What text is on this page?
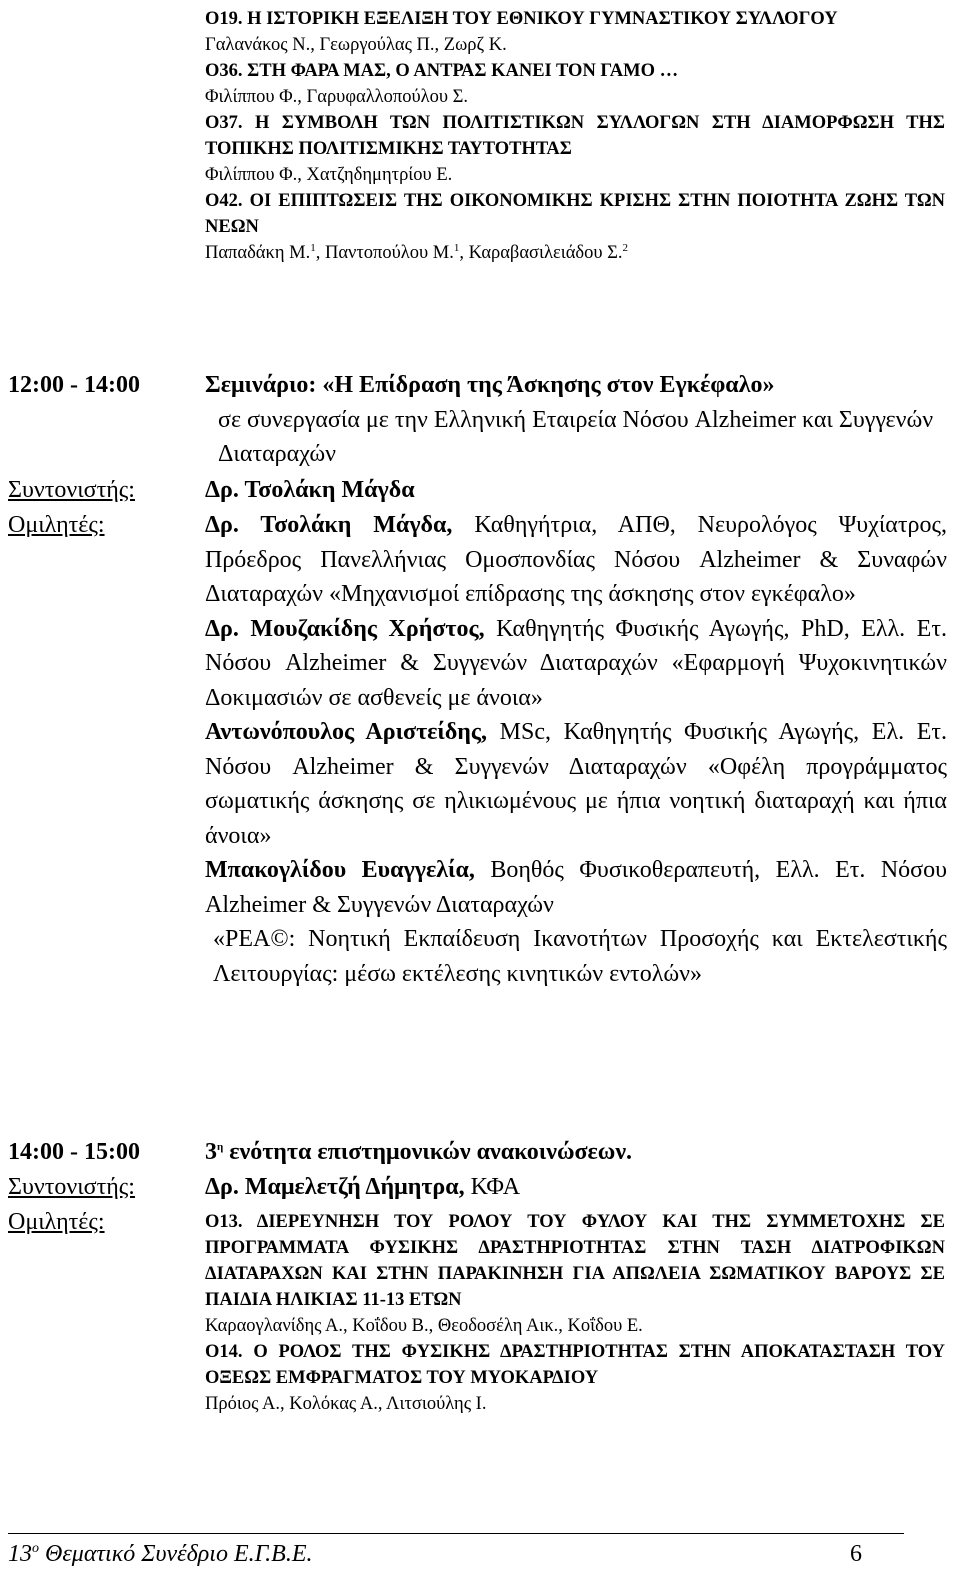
Ο19. Η ΙΣΤΟΡΙΚΗ ΕΞΕΛΙΞΗ ΤΟΥ ΕΘΝΙΚΟΥ ΓΥΜΝΑΣΤΙΚΟΥ ΣΥΛΛΟΓΟΥ
Γαλανάκος Ν., Γεωργούλας Π., Ζωρζ Κ.
Ο36. ΣΤΗ ΦΑΡΑ ΜΑΣ, Ο ΑΝΤΡΑΣ ΚΑΝΕΙ ΤΟΝ ΓΑΜΟ …
Φιλίππου Φ., Γαρυφαλλοπούλου Σ.
Ο37. Η ΣΥΜΒΟΛΗ ΤΩΝ ΠΟΛΙΤΙΣΤΙΚΩΝ ΣΥΛΛΟΓΩΝ ΣΤΗ ΔΙΑΜΟΡΦΩΣΗ ΤΗΣ ΤΟΠΙΚΗΣ ΠΟΛΙΤΙΣΜΙΚΗΣ ΤΑΥΤΟΤΗΤΑΣ
Φιλίππου Φ., Χατζηδημητρίου Ε.
Ο42. ΟΙ ΕΠΙΠΤΩΣΕΙΣ ΤΗΣ ΟΙΚΟΝΟΜΙΚΗΣ ΚΡΙΣΗΣ ΣΤΗΝ ΠΟΙΟΤΗΤΑ ΖΩΗΣ ΤΩΝ ΝΕΩΝ
Παπαδάκη Μ.$^1$, Παντοπούλου Μ.$^1$, Καραβασιλειάδου Σ.$^2$
12:00 - 14:00	Σεμινάριο: «Η Επίδραση της Άσκησης στον Εγκέφαλο»
σε συνεργασία με την Ελληνική Εταιρεία Νόσου Alzheimer και Συγγενών Διαταραχών
Συντονιστής:	Δρ. Τσολάκη Μάγδα
Ομιλητές:	Δρ. Τσολάκη Μάγδα, Καθηγήτρια, ΑΠΘ, Νευρολόγος Ψυχίατρος, Πρόεδρος Πανελλήνιας Ομοσπονδίας Νόσου Alzheimer & Συναφών Διαταραχών «Μηχανισμοί επίδρασης της άσκησης στον εγκέφαλο»
Δρ. Μουζακίδης Χρήστος, Καθηγητής Φυσικής Αγωγής, PhD, Ελλ. Ετ. Νόσου Alzheimer & Συγγενών Διαταραχών «Εφαρμογή Ψυχοκινητικών Δοκιμασιών σε ασθενείς με άνοια»
Αντωνόπουλος Αριστείδης, MSc, Καθηγητής Φυσικής Αγωγής, Ελ. Ετ. Νόσου Alzheimer & Συγγενών Διαταραχών «Οφέλη προγράμματος σωματικής άσκησης σε ηλικιωμένους με ήπια νοητική διαταραχή και ήπια άνοια»
Μπακογλίδου Ευαγγελία, Βοηθός Φυσικοθεραπευτή, Ελλ. Ετ. Νόσου Alzheimer & Συγγενών Διαταραχών
«ΡΕΑ©: Νοητική Εκπαίδευση Ικανοτήτων Προσοχής και Εκτελεστικής Λειτουργίας: μέσω εκτέλεσης κινητικών εντολών»
14:00 - 15:00	$3^\eta$ ενότητα επιστημονικών ανακοινώσεων.
Συντονιστής:	Δρ. Μαμελετζή Δήμητρα, ΚΦΑ
Ομιλητές:	Ο13. ΔΙΕΡΕΥΝΗΣΗ ΤΟΥ ΡΟΛΟΥ ΤΟΥ ΦΥΛΟΥ ΚΑΙ ΤΗΣ ΣΥΜΜΕΤΟΧΗΣ ΣΕ ΠΡΟΓΡΑΜΜΑΤΑ ΦΥΣΙΚΗΣ ΔΡΑΣΤΗΡΙΟΤΗΤΑΣ ΣΤΗΝ ΤΑΣΗ ΔΙΑΤΡΟΦΙΚΩΝ ΔΙΑΤΑΡΑΧΩΝ ΚΑΙ ΣΤΗΝ ΠΑΡΑΚΙΝΗΣΗ ΓΙΑ ΑΠΩΛΕΙΑ ΣΩΜΑΤΙΚΟΥ ΒΑΡΟΥΣ ΣΕ ΠΑΙΔΙΑ ΗΛΙΚΙΑΣ 11-13 ΕΤΩΝ
Καραογλανίδης Α., Κοΐδου Β., Θεοδοσέλη Αικ., Κοΐδου Ε.
Ο14. Ο ΡΟΛΟΣ ΤΗΣ ΦΥΣΙΚΗΣ ΔΡΑΣΤΗΡΙΟΤΗΤΑΣ ΣΤΗΝ ΑΠΟΚΑΤΑΣΤΑΣΗ ΤΟΥ ΟΞΕΩΣ ΕΜΦΡΑΓΜΑΤΟΣ ΤΟΥ ΜΥΟΚΑΡΔΙΟΥ
Πρόιος Α., Κολόκας Α., Λιτσιούλης Ι.
$13^o$ Θεματικό Συνέδριο Ε.Γ.Β.Ε.	6
